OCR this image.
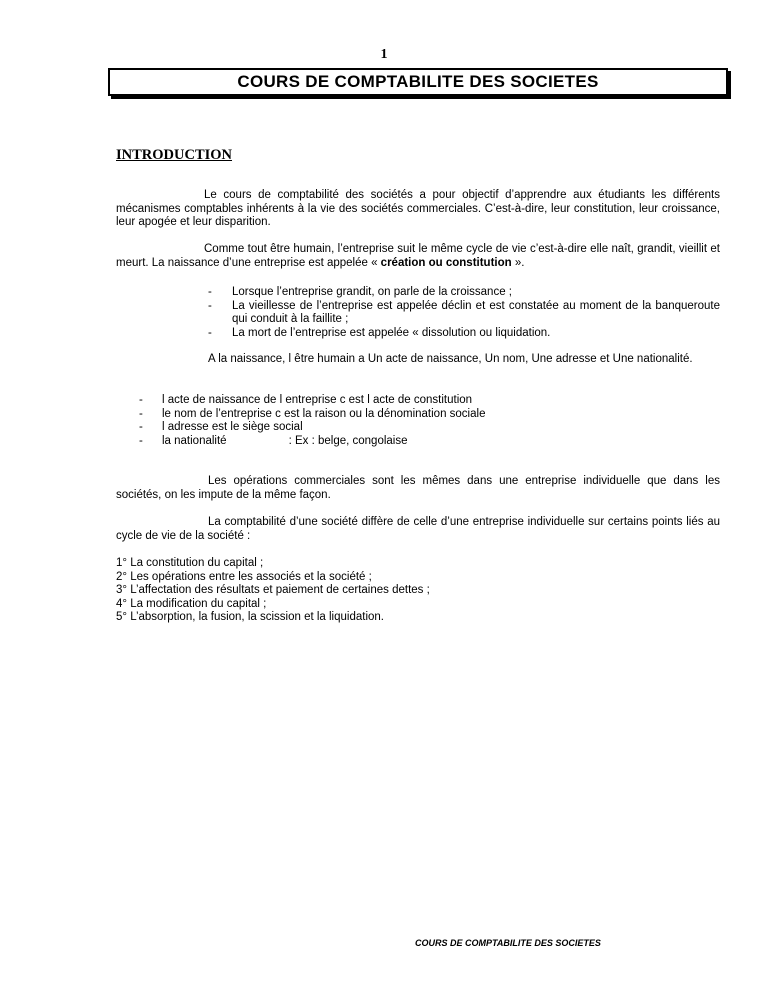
1
COURS DE COMPTABILITE DES SOCIETES
INTRODUCTION

Le cours de comptabilité des sociétés a pour objectif d’apprendre aux étudiants les différents mécanismes comptables inhérents à la vie des sociétés commerciales. C’est-à-dire, leur constitution, leur croissance, leur apogée et leur disparition.

Comme tout être humain, l’entreprise suit le même cycle de vie c’est-à-dire elle naît, grandit, vieillit et meurt. La naissance d’une entreprise est appelée « création ou constitution ».

- Lorsque l’entreprise grandit, on parle de la croissance ;
- La vieillesse de l’entreprise est appelée déclin et est constatée au moment de la banqueroute qui conduit à la faillite ;
- La mort de l’entreprise est appelée « dissolution ou liquidation.

A la naissance, l être humain a Un acte de naissance, Un nom, Une adresse et Une nationalité.

- l acte de naissance de l entreprise c est l acte de constitution
- le nom de l’entreprise c est la raison ou la dénomination sociale
- l adresse est le siège social
- la nationalité	: Ex : belge, congolaise

Les opérations commerciales sont les mêmes dans une entreprise individuelle que dans les sociétés, on les impute de la même façon.

La comptabilité d’une société diffère de celle d’une entreprise individuelle sur certains points liés au cycle de vie de la société :

1° La constitution du capital ;
2° Les opérations entre les associés et la société ;
3° L’affectation des résultats et paiement de certaines dettes ;
4° La modification du capital ;
5° L’absorption, la fusion, la scission et la liquidation.
COURS DE COMPTABILITE DES SOCIETES
